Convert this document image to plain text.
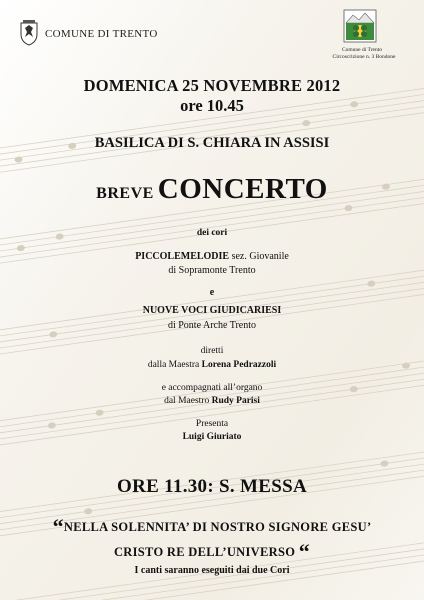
COMUNE DI TRENTO
Comune di Trento
Circoscrizione n. 3 Bondone
DOMENICA 25 NOVEMBRE 2012
ore 10.45
BASILICA DI S. CHIARA IN ASSISI
BREVE CONCERTO
dei cori
PICCOLEMELODIE sez. Giovanile
di Sopramonte Trento
e
NUOVE VOCI GIUDICARIESI
di Ponte Arche Trento
diretti
dalla Maestra Lorena Pedrazzoli
e accompagnati all’organo
dal Maestro Rudy Parisi
Presenta
Luigi Giuriato
ORE 11.30: S. MESSA
“NELLA SOLENNITA’ DI NOSTRO SIGNORE GESU’
CRISTO RE DELL’UNIVERSO “
I canti saranno eseguiti dai due Cori
